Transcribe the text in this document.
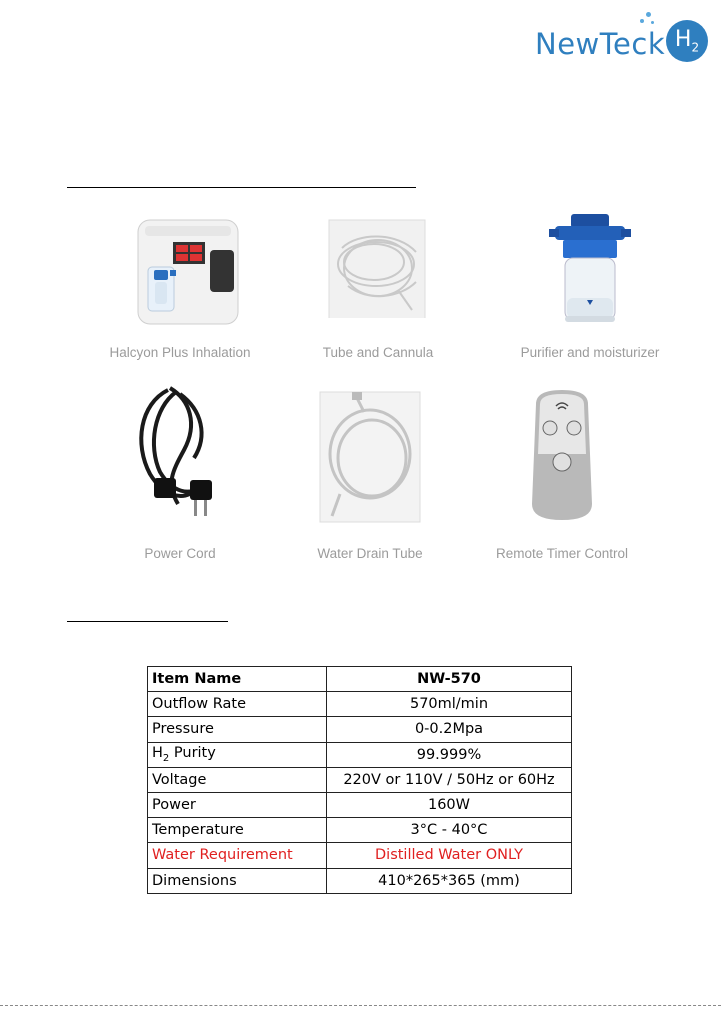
NewTeck $H_2$
Halcyon Plus Inhalation	Tube and Cannula	Purifier and moisturizer
Power Cord	Water Drain Tube	Remote Timer Control
Item Name	NW-570
Outflow Rate	570ml/min
Pressure	0-0.2Mpa
$H_2$ Purity	99.999%
Voltage	220V or 110V / 50Hz or 60Hz
Power	160W
Temperature	3°C - 40°C
Water Requirement	Distilled Water ONLY
Dimensions	410*265*365 (mm)
